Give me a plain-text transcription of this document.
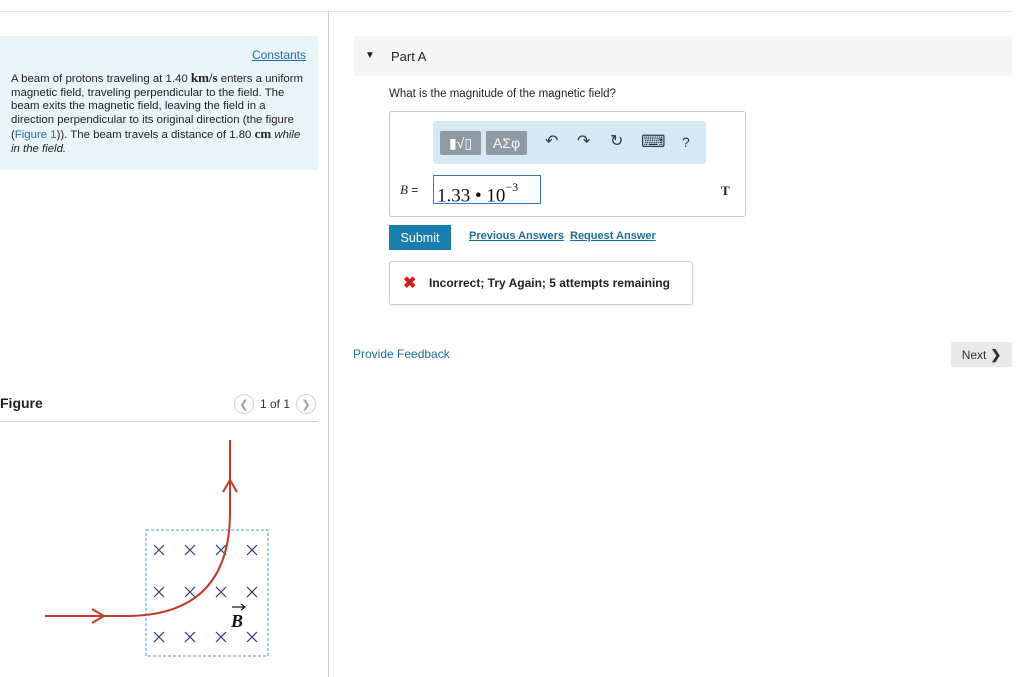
Constants
A beam of protons traveling at 1.40 km/s enters a uniform magnetic field, traveling perpendicular to the field. The beam exits the magnetic field, leaving the field in a direction perpendicular to its original direction (the figure (Figure 1)). The beam travels a distance of 1.80 cm while in the field.
Figure	❮ 1 of 1	❯
B
▼ Part A
What is the magnitude of the magnetic field?
▮√▯	ΑΣφ	↶ ↷ ↻ ⌨ ?
B = 1.33 • $10^{-3}$	T
Submit	Previous Answers Request Answer
✖ Incorrect; Try Again; 5 attempts remaining
Provide Feedback	Next ❯
